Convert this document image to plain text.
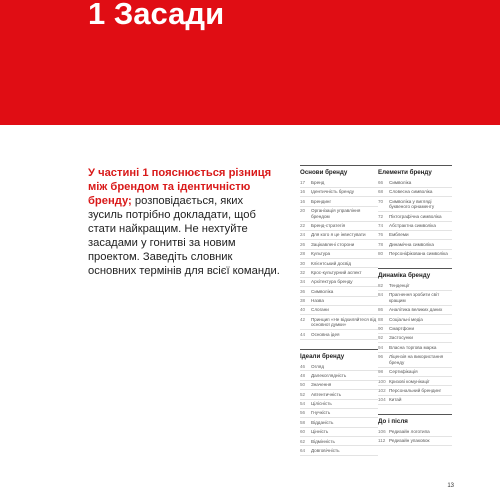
1 Засади

У частині 1 пояснюється різниця між брендом та ідентичністю бренду; розповідається, яких зусиль потрібно докладати, щоб стати найкращим. Не нехтуйте засадами у гонитві за новим проектом. Заведіть словник основних термінів для всієї команди.

Основи бренду
17	Бренд
16	Ідентичність бренду
16	Брендинг
20	Організація управління брендом
22	Бренд-стратегія
24	Для кого я це інвестувати
26	Зацікавлені сторони
28	Культура
30	Клієнтський досвід
32	Крос-культурний аспект
34	Архітектура бренду
36	Символіка
38	Назва
40	Слогани
42	Принцип «Не відхиляйтеся від основної думки»
44	Основна ідея
Ідеали бренду
46	Огляд
48	Далекоглядність
50	Значення
52	Автентичність
54	Цілісність
56	Гнучкість
58	Відданість
60	Цінність
62	Відмінність
64	Довговічність
Елементи бренду
66	Символіка
68	Словесна символіка
70	Символіка у вигляді буквеного орнаменту
72	Піктографічна символіка
74	Абстрактна символіка
76	Емблеми
78	Динамічна символіка
80	Персоніфікована символіка
Динаміка бренду
82	Тенденції
84	Прагнення зробити світ кращим
86	Аналітика великих даних
88	Соціальні медіа
90	Смартфони
92	Застосунки
94	Власна торгова марка
96	Ліцензія на використання бренду
98	Сертифікація
100 Кризові комунікації
102 Персональний брендинг
104 Китай
До і після
106 Редизайн логотипа
112 Редизайн упаковок
13
